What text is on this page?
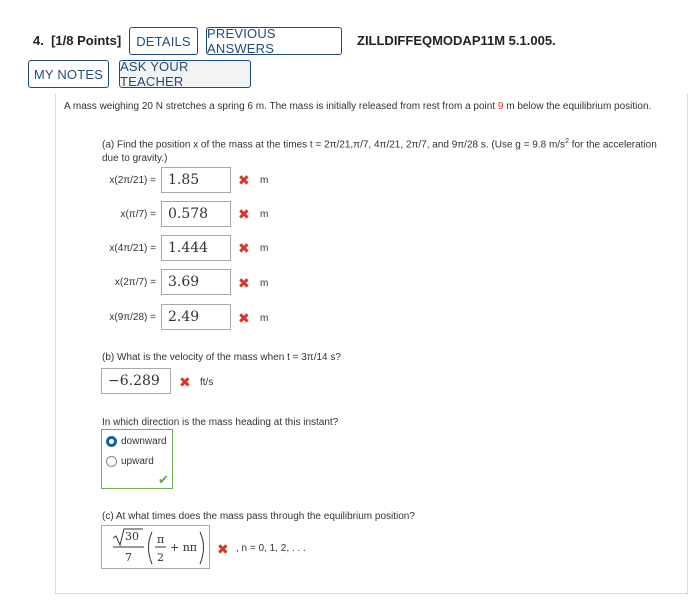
4. [1/8 Points]	DETAILS	PREVIOUS ANSWERS
ZILLDIFFEQMODAP11M 5.1.005.
MY NOTES	ASK YOUR TEACHER
A mass weighing 20 N stretches a spring 6 m. The mass is initially released from rest from a point 9 m below the equilibrium position.
(a) Find the position x of the mass at the times t = 2π/21,π/7, 4π/21, 2π/7, and 9π/28 s. (Use g = 9.8 $m/s^2$ for the acceleration due to gravity.)
x(2π/21) = 1.85	✖ m
x(π/7) = 0.578	✖ m
x(4π/21) = 1.444	✖ m
x(2π/7) = 3.69	✖ m
x(9π/28) = 2.49	✖ m
(b) What is the velocity of the mass when t = 3π/14 s?
−6.289	✖ ft/s
In which direction is the mass heading at this instant?
downward
upward
✔
(c) At what times does the mass pass through the equilibrium position?
30
7
π
2
+ nπ ✖ , n = 0, 1, 2, . . .
